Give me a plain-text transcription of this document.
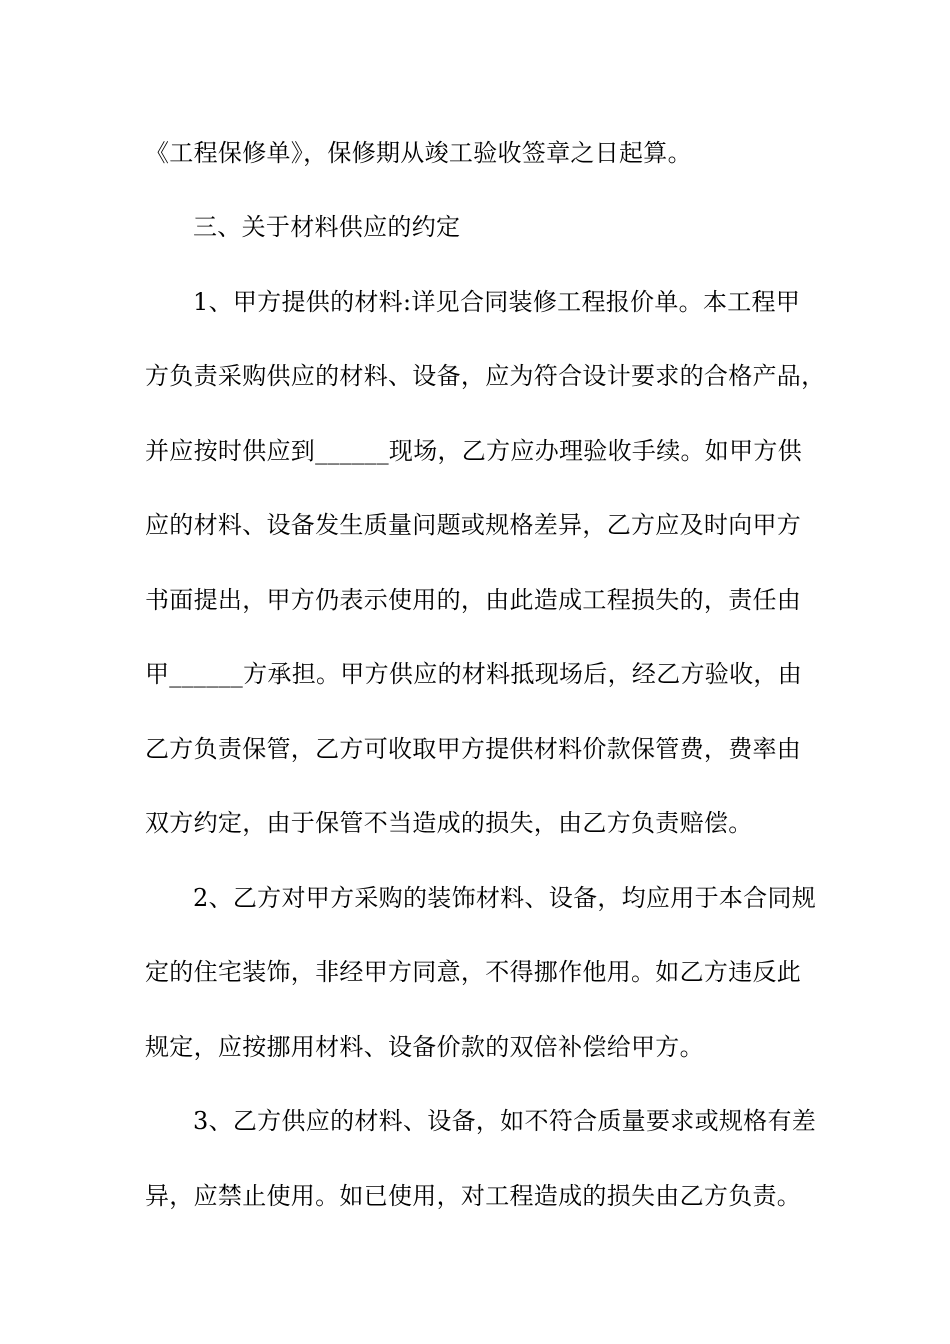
《工程保修单》，保修期从竣工验收签章之日起算。
三、关于材料供应的约定
1、甲方提供的材料:详见合同装修工程报价单。本工程甲
方负责采购供应的材料、设备，应为符合设计要求的合格产品，
并应按时供应到______现场，乙方应办理验收手续。如甲方供
应的材料、设备发生质量问题或规格差异，乙方应及时向甲方
书面提出，甲方仍表示使用的，由此造成工程损失的，责任由
甲______方承担。甲方供应的材料抵现场后，经乙方验收，由
乙方负责保管，乙方可收取甲方提供材料价款保管费，费率由
双方约定，由于保管不当造成的损失，由乙方负责赔偿。
2、乙方对甲方采购的装饰材料、设备，均应用于本合同规
定的住宅装饰，非经甲方同意，不得挪作他用。如乙方违反此
规定，应按挪用材料、设备价款的双倍补偿给甲方。
3、乙方供应的材料、设备，如不符合质量要求或规格有差
异，应禁止使用。如已使用，对工程造成的损失由乙方负责。
